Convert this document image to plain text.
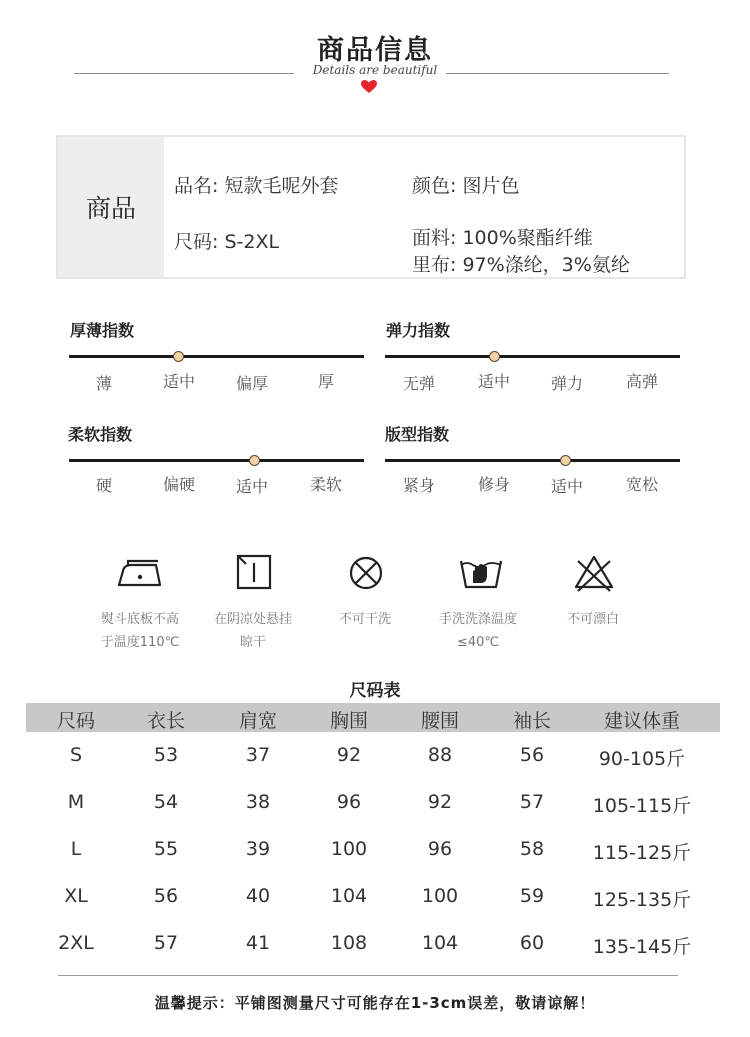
商品信息
Details are beautiful
商品
品名: 短款毛呢外套	颜色: 图片色
尺码: S-2XL	面料: 100%聚酯纤维
里布: 97%涤纶，3%氨纶
厚薄指数
薄	适中	偏厚	厚
弹力指数
无弹	适中	弹力	高弹
柔软指数
硬	偏硬	适中	柔软
版型指数
紧身	修身	适中	宽松
熨斗底板不高
于温度110℃
在阴凉处悬挂
晾干
不可干洗	手洗洗涤温度
≤40℃
不可漂白
尺码表
尺码	衣长	肩宽	胸围	腰围	袖长	建议体重
S	53	37	92	88	56	90-105斤
M	54	38	96	92	57	105-115斤
L	55	39	100	96	58	115-125斤
XL	56	40	104	100	59	125-135斤
2XL	57	41	108	104	60	135-145斤
温馨提示：平铺图测量尺寸可能存在1-3cm误差，敬请谅解！
